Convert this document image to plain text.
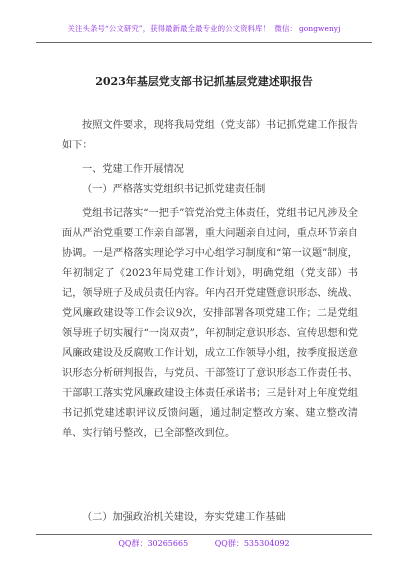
关注头条号“公文研究”，获得最新最全最专业的公文资料库！ 微信： gongwenyj
2023年基层党支部书记抓基层党建述职报告

按照文件要求，现将我局党组（党支部）书记抓党建工作报告如下：

一、党建工作开展情况

（一）严格落实党组织书记抓党建责任制

党组书记落实“一把手”管党治党主体责任，党组书记凡涉及全面从严治党重要工作亲自部署，重大问题亲自过问，重点环节亲自协调。一是严格落实理论学习中心组学习制度和“第一议题”制度，年初制定了《2023年局党建工作计划》，明确党组（党支部）书记，领导班子及成员责任内容。年内召开党建暨意识形态、统战、党风廉政建设等工作会议9次，安排部署各项党建工作；二是党组领导班子切实履行“一岗双责”，年初制定意识形态、宣传思想和党风廉政建设及反腐败工作计划，成立工作领导小组，按季度报送意识形态分析研判报告，与党员、干部签订了意识形态工作责任书、干部职工落实党风廉政建设主体责任承诺书；三是针对上年度党组书记抓党建述职评议反馈问题，通过制定整改方案、建立整改清单、实行销号整改，已全部整改到位。

（二）加强政治机关建设，夯实党建工作基础

QQ群：30265665	QQ群：535304092
